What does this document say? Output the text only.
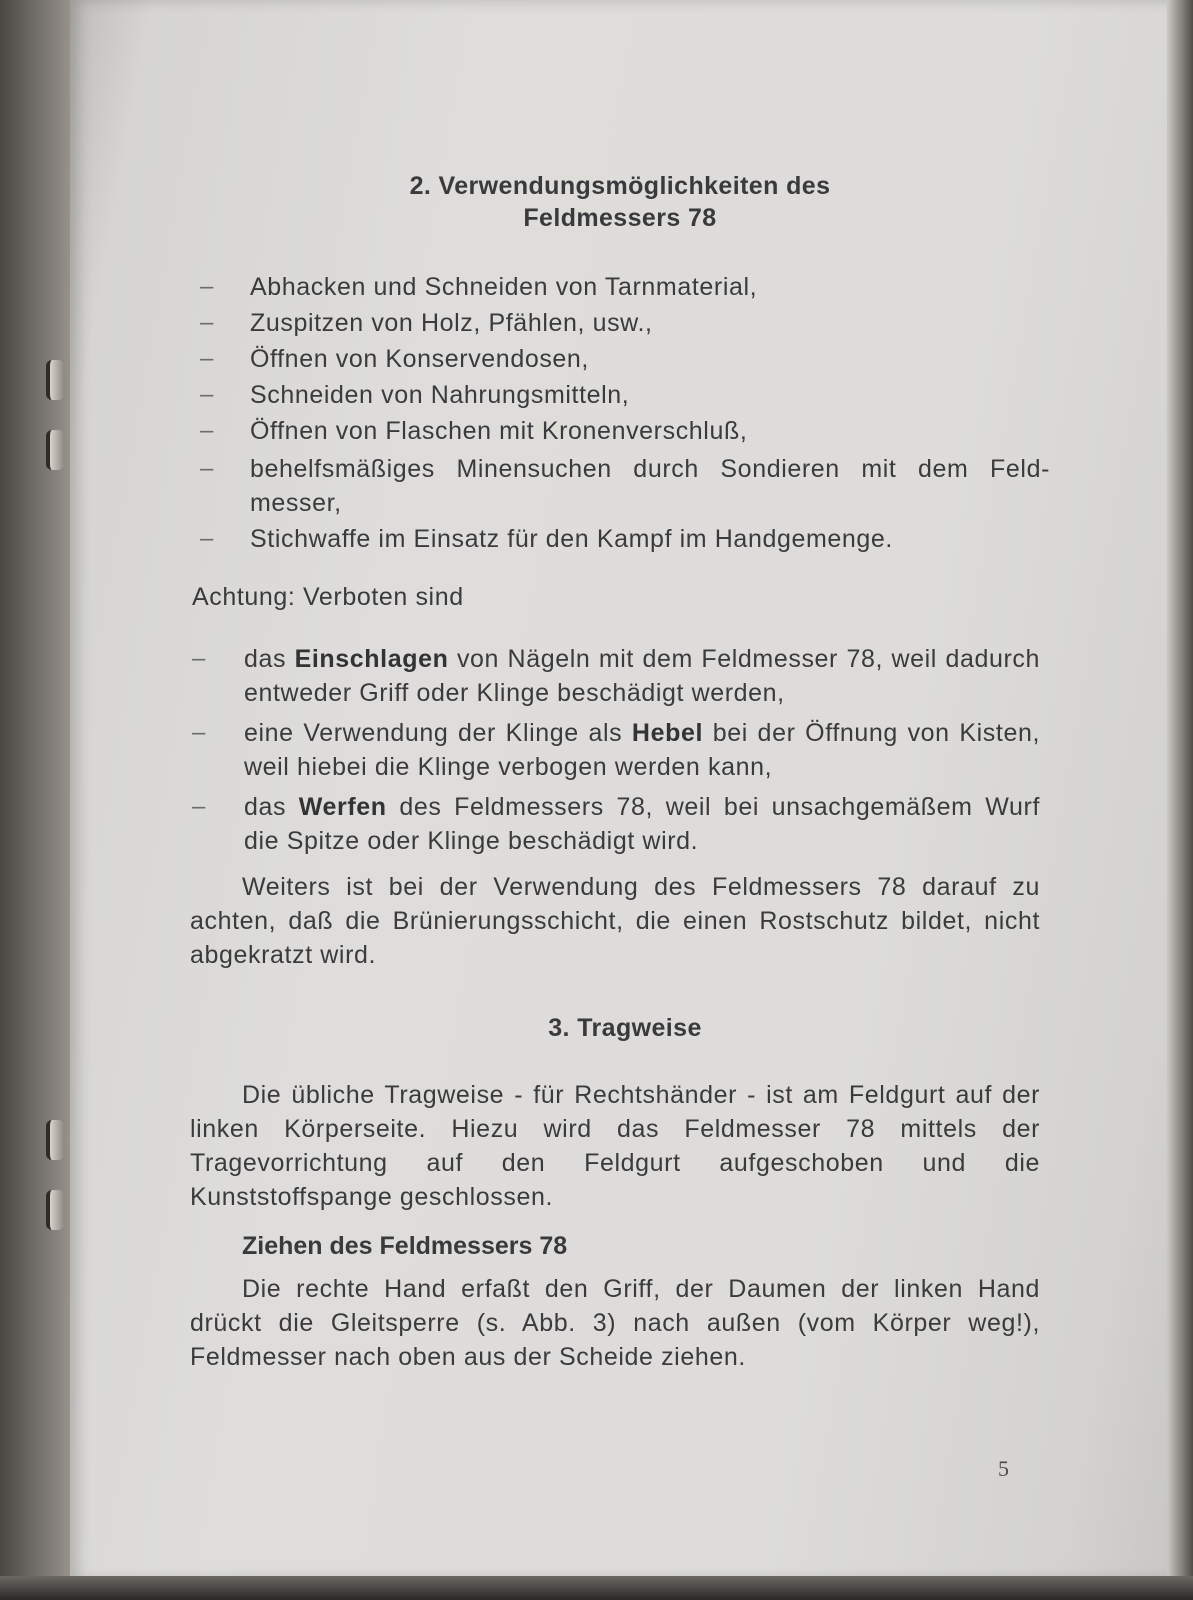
2. Verwendungsmöglichkeiten des
Feldmessers 78
– Abhacken und Schneiden von Tarnmaterial,
– Zuspitzen von Holz, Pfählen, usw.,
– Öffnen von Konservendosen,
– Schneiden von Nahrungsmitteln,
– Öffnen von Flaschen mit Kronenverschluß,
– behelfsmäßiges Minensuchen durch Sondieren mit dem Feld-messer,
– Stichwaffe im Einsatz für den Kampf im Handgemenge.
Achtung: Verboten sind
– das Einschlagen von Nägeln mit dem Feldmesser 78, weil dadurch entweder Griff oder Klinge beschädigt werden,
– eine Verwendung der Klinge als Hebel bei der Öffnung von Kisten, weil hiebei die Klinge verbogen werden kann,
– das Werfen des Feldmessers 78, weil bei unsachgemäßem Wurf die Spitze oder Klinge beschädigt wird.
Weiters ist bei der Verwendung des Feldmessers 78 darauf zu achten, daß die Brünierungsschicht, die einen Rostschutz bildet, nicht abgekratzt wird.
3. Tragweise
Die übliche Tragweise - für Rechtshänder - ist am Feldgurt auf der linken Körperseite. Hiezu wird das Feldmesser 78 mittels der Tragevorrichtung auf den Feldgurt aufgeschoben und die Kunststoffspange geschlossen.
Ziehen des Feldmessers 78
Die rechte Hand erfaßt den Griff, der Daumen der linken Hand drückt die Gleitsperre (s. Abb. 3) nach außen (vom Körper weg!), Feldmesser nach oben aus der Scheide ziehen.
5
